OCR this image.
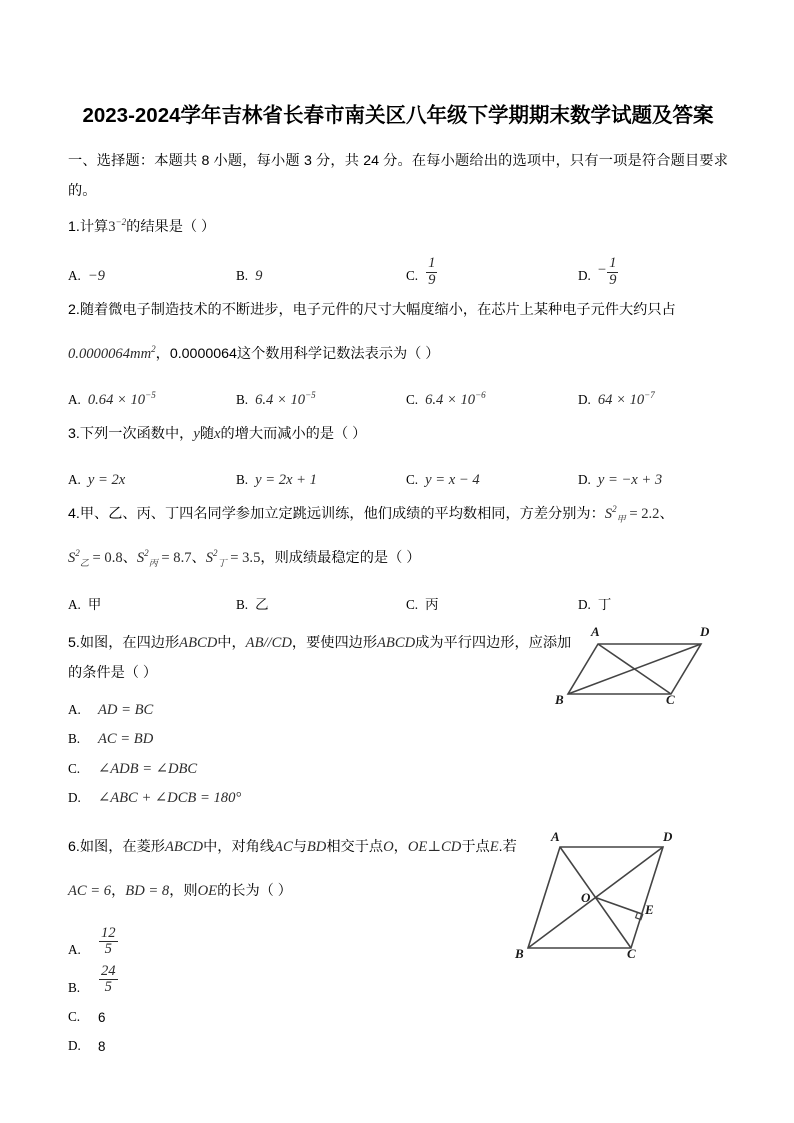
2023-2024学年吉林省长春市南关区八年级下学期期末数学试题及答案

一、选择题：本题共 8 小题，每小题 3 分，共 24 分。在每小题给出的选项中，只有一项是符合题目要求的。

1.计算$3^{-2}$的结果是（ ）

A. −9	B. 9	C. $\frac{1}{9}$	D. − $\frac{1}{9}$

2.随着微电子制造技术的不断进步，电子元件的尺寸大幅度缩小，在芯片上某种电子元件大约只占

$0.0000064mm^2$，0.0000064这个数用科学记数法表示为（ ）

A. $0.64 \times 10^{-5}$	B. $6.4 \times 10^{-5}$	C. $6.4 \times 10^{-6}$	D. $64 \times 10^{-7}$

3.下列一次函数中，y随x的增大而减小的是（ ）

A. y = 2x	B. y = 2x + 1	C. y = x − 4	D. y = −x + 3

4.甲、乙、丙、丁四名同学参加立定跳远训练，他们成绩的平均数相同，方差分别为：$S^2_甲 = 2.2$、

$S^2_乙 = 0.8$、$S^2_丙 = 8.7$、$S^2_丁 = 3.5$，则成绩最稳定的是（ ）

A. 甲	B. 乙	C. 丙	D. 丁

5.如图，在四边形ABCD中，AB//CD，要使四边形ABCD成为平行四边形，应添加的条件是（ ）

A.	AD = BC
B.	AC = BD
C.	∠ADB = ∠DBC
D.	∠ABC + ∠DCB = 180°
A	D
B	C

6.如图，在菱形ABCD中，对角线AC与BD相交于点O，OE⊥CD于点E.若

AC = 6，BD = 8，则OE的长为（ ）

A.	$\frac{12}{5}$
B.	$\frac{24}{5}$
C.	6
D.	8
A	D
B	C
O
E
